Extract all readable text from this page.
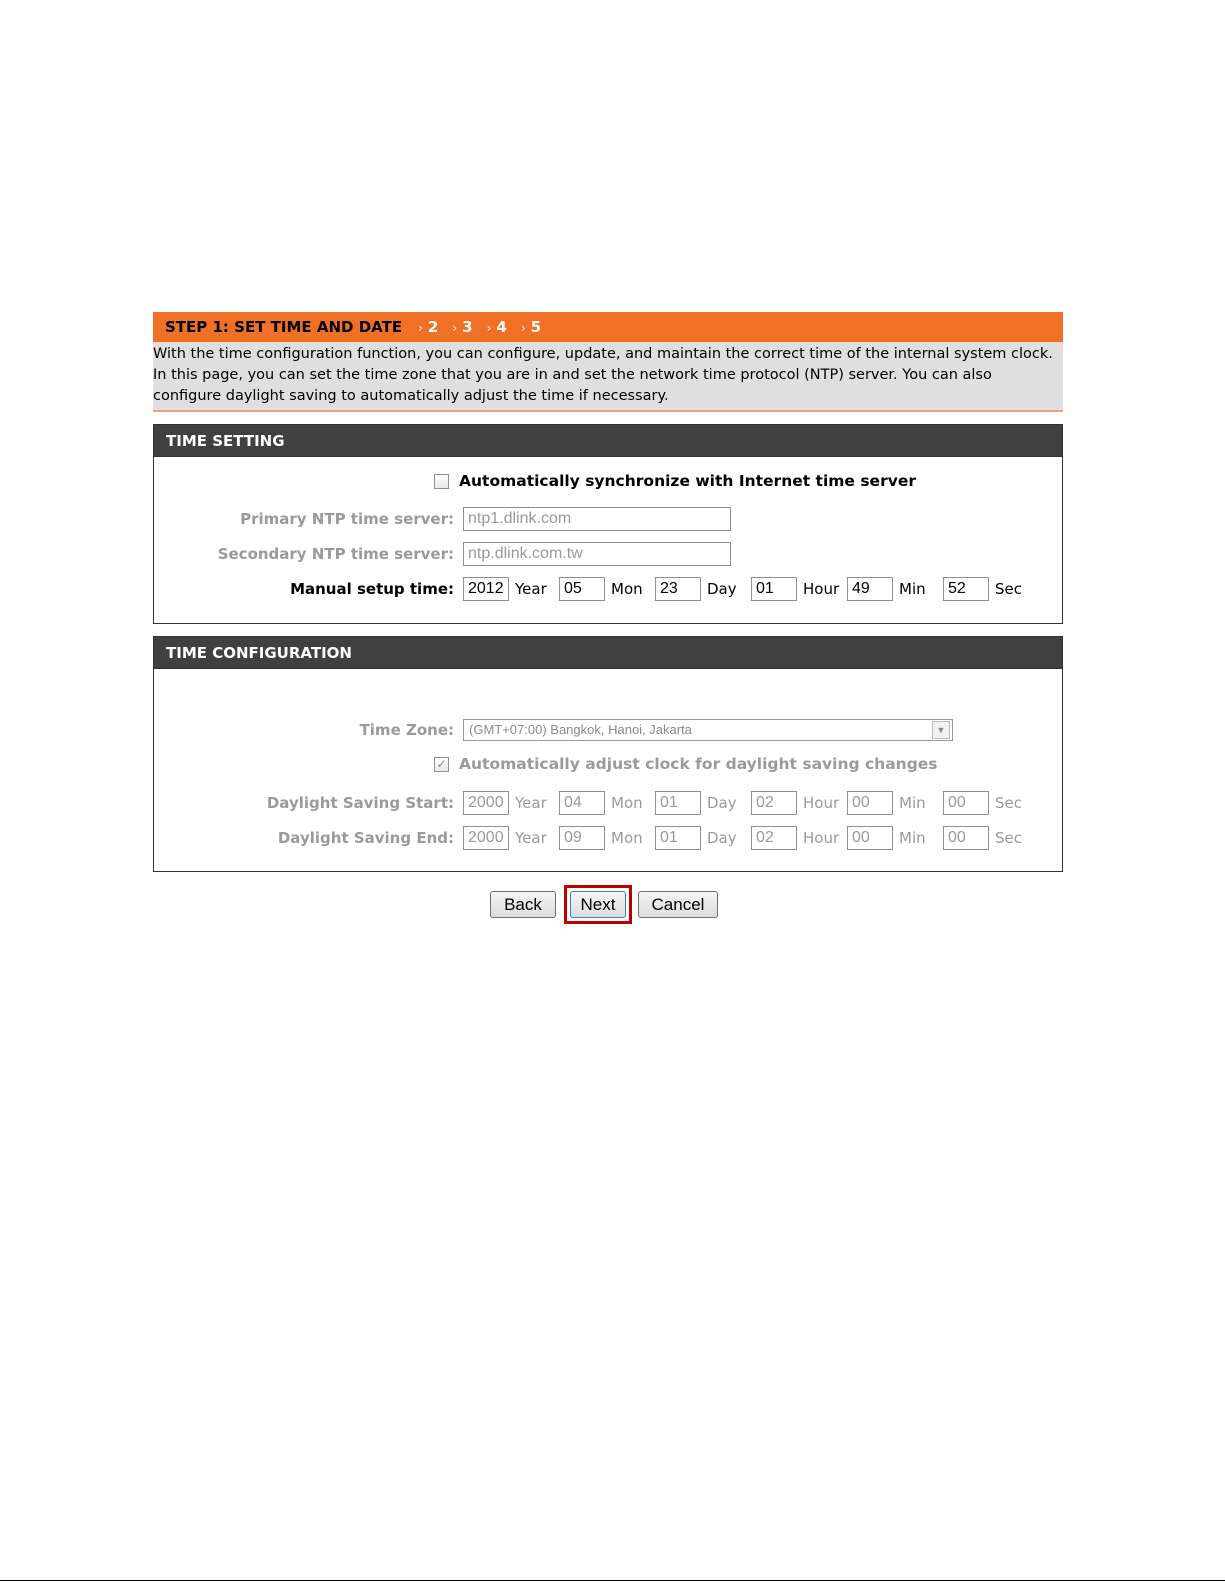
STEP 1: SET TIME AND DATE › 2 › 3 › 4 › 5
With the time configuration function, you can configure, update, and maintain the correct time of the internal system clock. In this page, you can set the time zone that you are in and set the network time protocol (NTP) server. You can also configure daylight saving to automatically adjust the time if necessary.
TIME SETTING
Automatically synchronize with Internet time server
Primary NTP time server:
ntp1.dlink.com
Secondary NTP time server:
ntp.dlink.com.tw
Manual setup time:
2012	Year
05	Mon
23	Day
01	Hour
49	Min
52	Sec
TIME CONFIGURATION
Time Zone:	(GMT+07:00) Bangkok, Hanoi, Jakarta	▼
✓ Automatically adjust clock for daylight saving changes
Daylight Saving Start:
2000	Year
04	Mon
01	Day
02	Hour
00	Min
00	Sec
Daylight Saving End:
2000	Year
09	Mon
01	Day
02	Hour
00	Min
00	Sec
Back	Next	Cancel
